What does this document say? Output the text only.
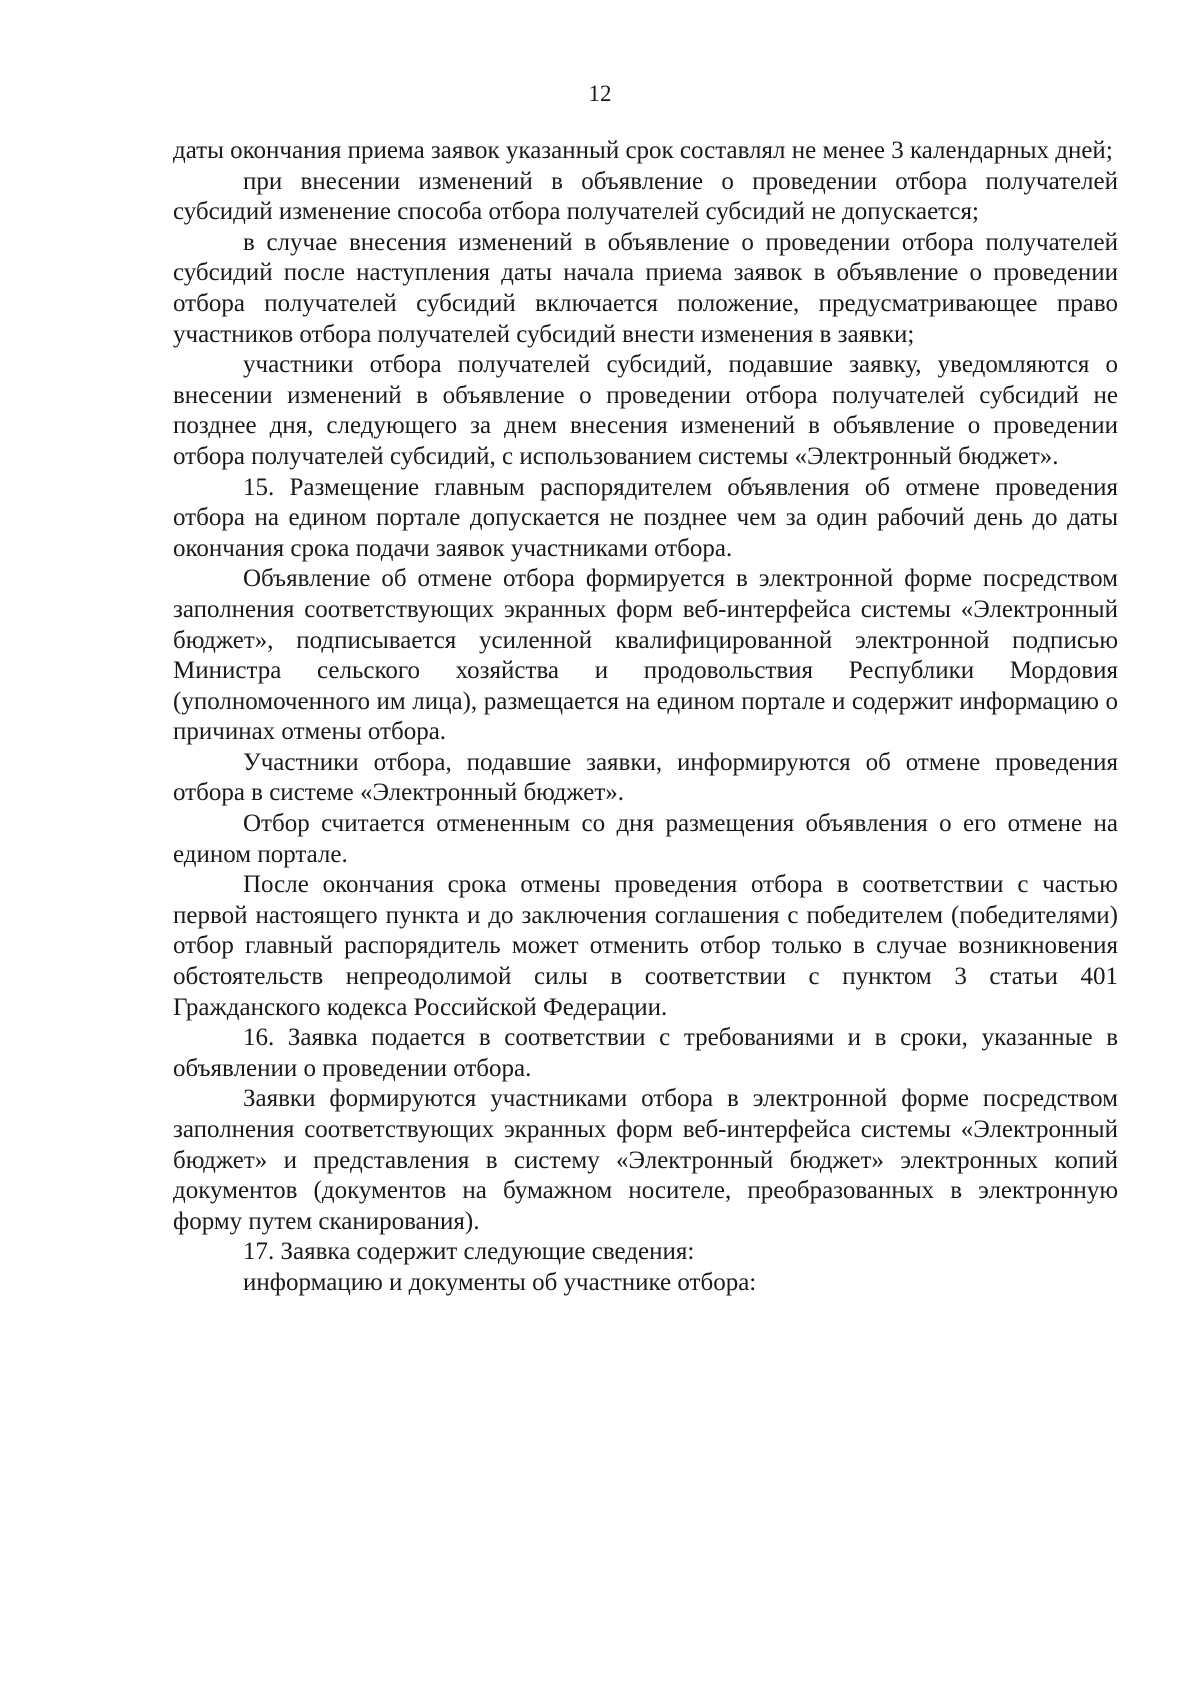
12

даты окончания приема заявок указанный срок составлял не менее 3 календарных дней;

при внесении изменений в объявление о проведении отбора получателей субсидий изменение способа отбора получателей субсидий не допускается;

в случае внесения изменений в объявление о проведении отбора получателей субсидий после наступления даты начала приема заявок в объявление о проведении отбора получателей субсидий включается положение, предусматривающее право участников отбора получателей субсидий внести изменения в заявки;

участники отбора получателей субсидий, подавшие заявку, уведомляются о внесении изменений в объявление о проведении отбора получателей субсидий не позднее дня, следующего за днем внесения изменений в объявление о проведении отбора получателей субсидий, с использованием системы «Электронный бюджет».

15. Размещение главным распорядителем объявления об отмене проведения отбора на едином портале допускается не позднее чем за один рабочий день до даты окончания срока подачи заявок участниками отбора.

Объявление об отмене отбора формируется в электронной форме посредством заполнения соответствующих экранных форм веб-интерфейса системы «Электронный бюджет», подписывается усиленной квалифицированной электронной подписью Министра сельского хозяйства и продовольствия Республики Мордовия (уполномоченного им лица), размещается на едином портале и содержит информацию о причинах отмены отбора.

Участники отбора, подавшие заявки, информируются об отмене проведения отбора в системе «Электронный бюджет».

Отбор считается отмененным со дня размещения объявления о его отмене на едином портале.

После окончания срока отмены проведения отбора в соответствии с частью первой настоящего пункта и до заключения соглашения с победителем (победителями) отбор главный распорядитель может отменить отбор только в случае возникновения обстоятельств непреодолимой силы в соответствии с пунктом 3 статьи 401 Гражданского кодекса Российской Федерации.

16. Заявка подается в соответствии с требованиями и в сроки, указанные в объявлении о проведении отбора.

Заявки формируются участниками отбора в электронной форме посредством заполнения соответствующих экранных форм веб-интерфейса системы «Электронный бюджет» и представления в систему «Электронный бюджет» электронных копий документов (документов на бумажном носителе, преобразованных в электронную форму путем сканирования).

17. Заявка содержит следующие сведения:

информацию и документы об участнике отбора:
